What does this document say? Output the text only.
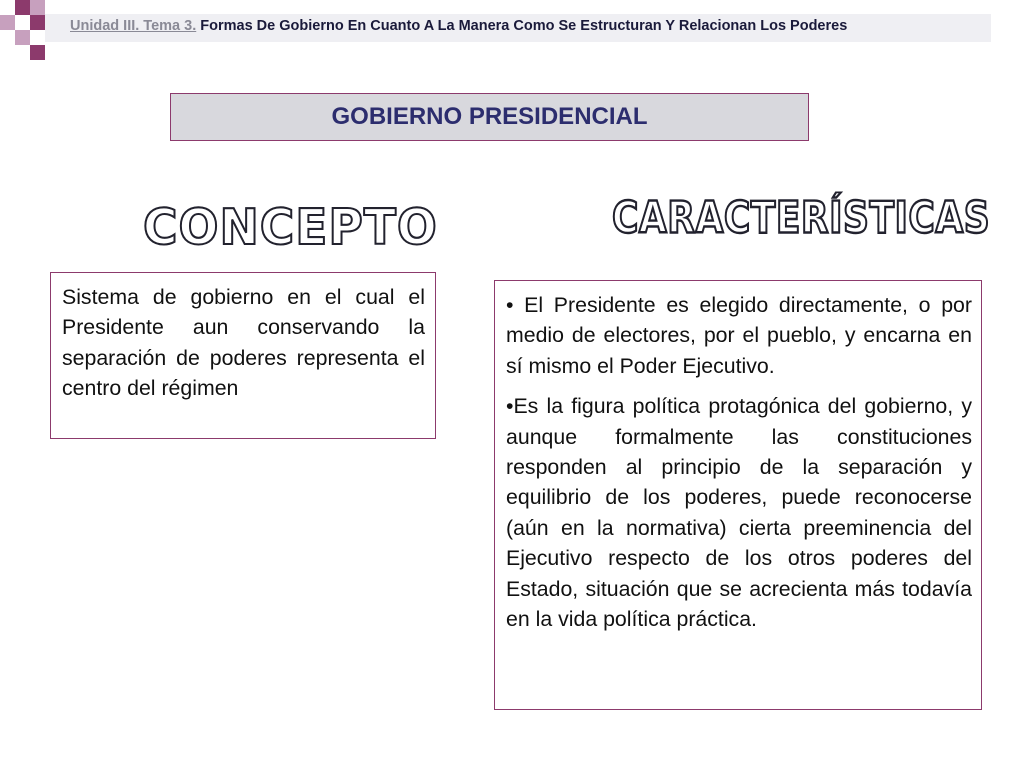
Unidad III. Tema 3. Formas De Gobierno En Cuanto A La Manera Como Se Estructuran Y Relacionan Los Poderes
GOBIERNO PRESIDENCIAL
CONCEPTO	CARACTERÍSTICAS
Sistema de gobierno en el cual el Presidente aun conservando la separación de poderes representa el centro del régimen

• El Presidente es elegido directamente, o por medio de electores, por el pueblo, y encarna en sí mismo el Poder Ejecutivo.

•Es la figura política protagónica del gobierno, y aunque formalmente las constituciones responden al principio de la separación y equilibrio de los poderes, puede reconocerse (aún en la normativa) cierta preeminencia del Ejecutivo respecto de los otros poderes del Estado, situación que se acrecienta más todavía en la vida política práctica.
